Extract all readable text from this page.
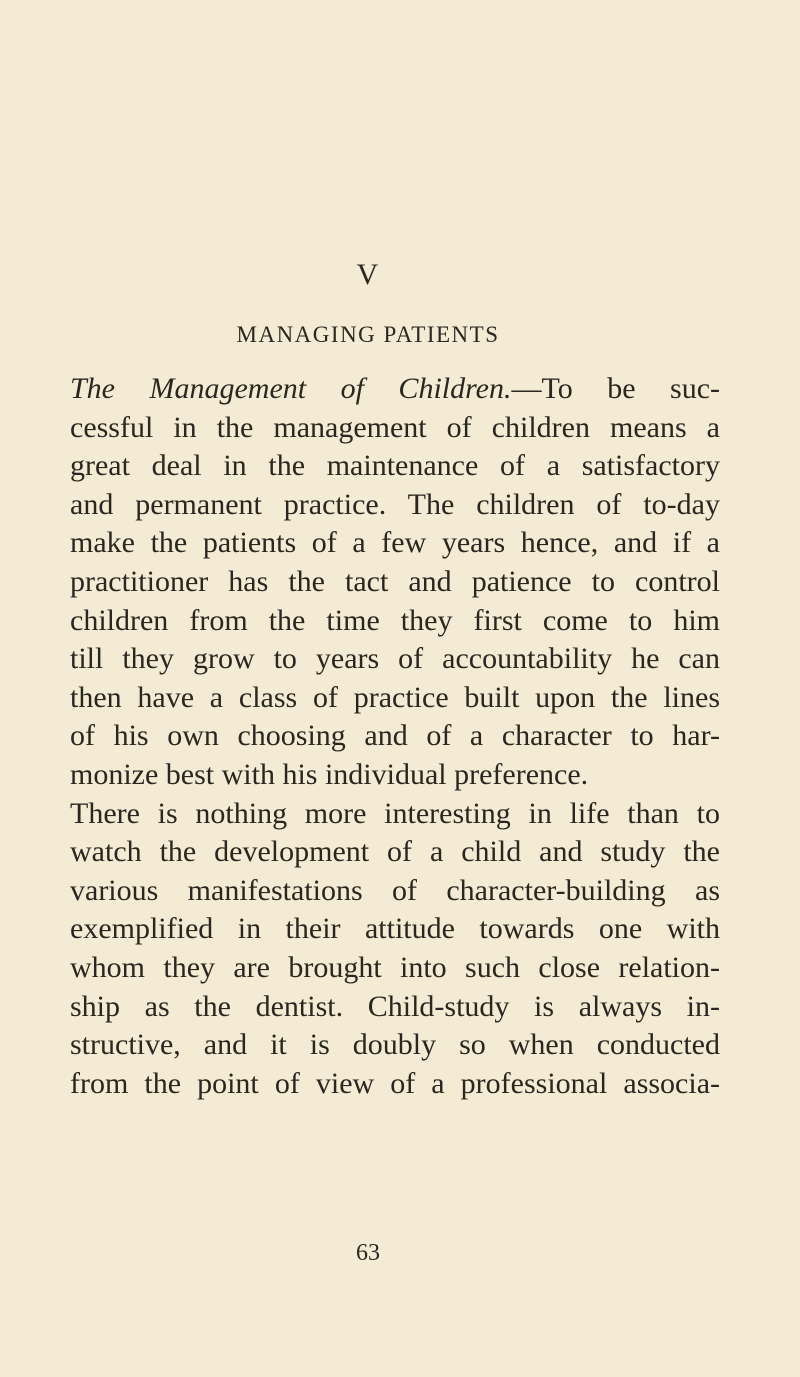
V
MANAGING PATIENTS
The Management of Children.—To be suc-
cessful in the management of children means a
great deal in the maintenance of a satisfactory
and permanent practice. The children of to-day
make the patients of a few years hence, and if a
practitioner has the tact and patience to control
children from the time they first come to him
till they grow to years of accountability he can
then have a class of practice built upon the lines
of his own choosing and of a character to har-
monize best with his individual preference.
There is nothing more interesting in life than to
watch the development of a child and study the
various manifestations of character-building as
exemplified in their attitude towards one with
whom they are brought into such close relation-
ship as the dentist. Child-study is always in-
structive, and it is doubly so when conducted
from the point of view of a professional associa-
63
